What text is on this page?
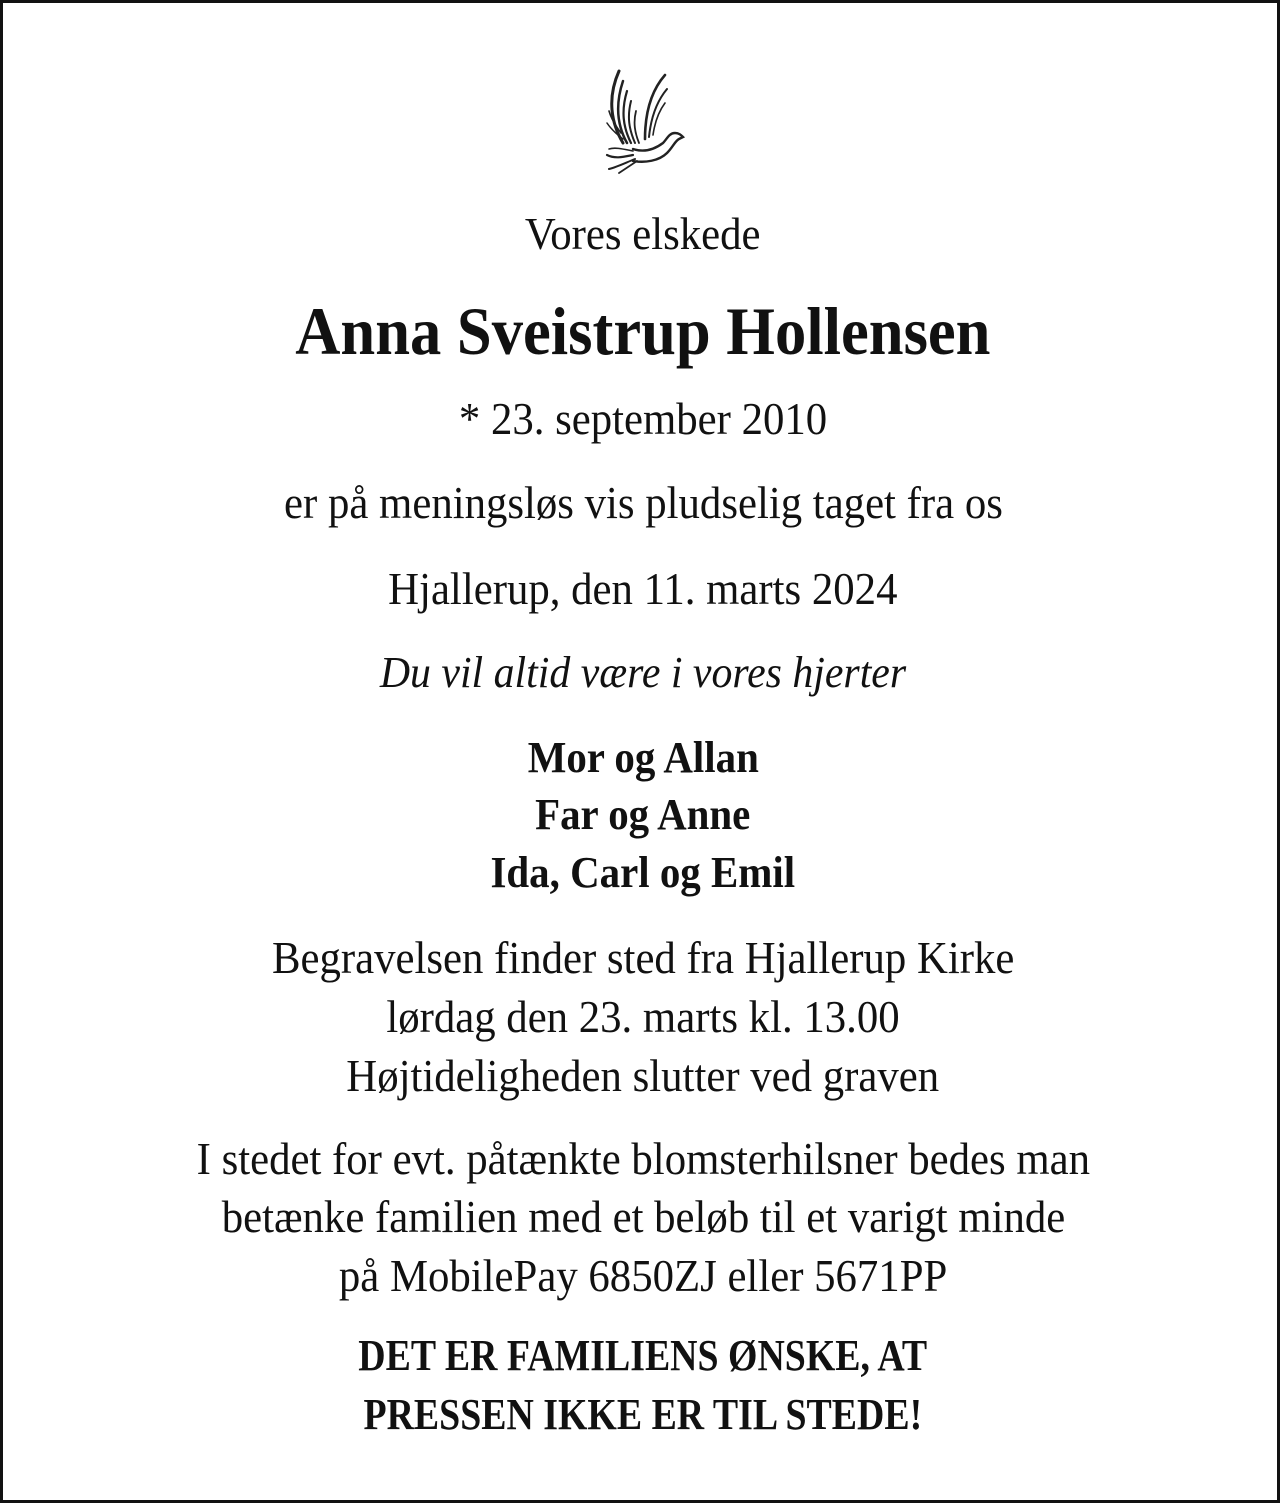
Vores elskede
Anna Sveistrup Hollensen
* 23. september 2010
er på meningsløs vis pludselig taget fra os
Hjallerup, den 11. marts 2024
Du vil altid være i vores hjerter
Mor og Allan
Far og Anne
Ida, Carl og Emil
Begravelsen finder sted fra Hjallerup Kirke
lørdag den 23. marts kl. 13.00
Højtideligheden slutter ved graven
I stedet for evt. påtænkte blomsterhilsner bedes man
betænke familien med et beløb til et varigt minde
på MobilePay 6850ZJ eller 5671PP
DET ER FAMILIENS ØNSKE, AT
PRESSEN IKKE ER TIL STEDE!
